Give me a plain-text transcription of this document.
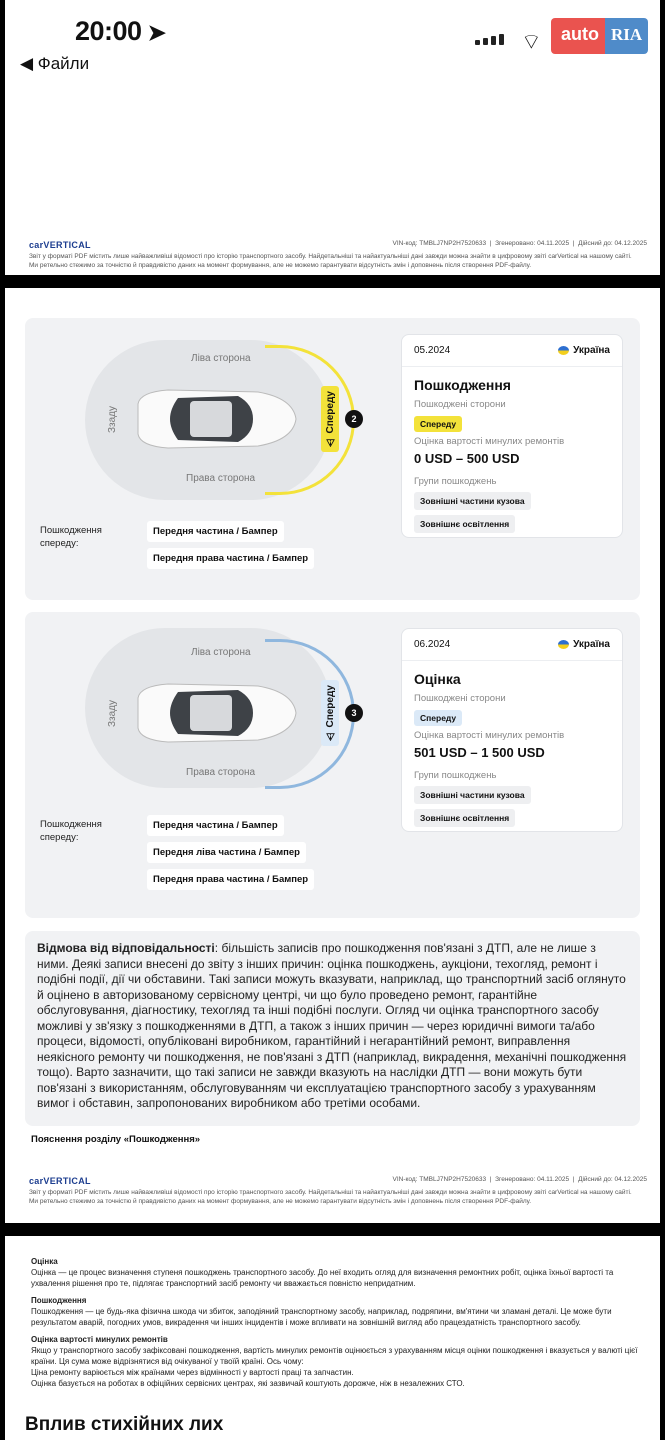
20:00 ➤
◀ Файли
⌔	auto RIA
carVERTICAL	VIN-код: TMBLJ7NP2H7520633  |  Згенеровано: 04.11.2025  |  Дійсний до: 04.12.2025
Звіт у форматі PDF містить лише найважливіші відомості про історію транспортного засобу. Найдетальніші та найактуальніші дані завжди можна знайти в цифровому звіті carVertical на нашому сайті.
Ми ретельно стежимо за точністю й правдивістю даних на момент формування, але не можемо гарантувати відсутність змін і доповнень після створення PDF-файлу.
Ліва сторона
Права сторона
Ззаду
⚠ Спереду	2
Пошкодження
спереду:
Передня частина / Бампер
Передня права частина / Бампер
05.2024	Україна
Пошкодження
Пошкоджені сторони
Спереду
Оцінка вартості минулих ремонтів
0 USD – 500 USD
Групи пошкоджень
Зовнішні частини кузова
Зовнішнє освітлення
Ліва сторона
Права сторона
Ззаду
⚠ Спереду	3
Пошкодження
спереду:
Передня частина / Бампер
Передня ліва частина / Бампер
Передня права частина / Бампер
06.2024	Україна
Оцінка
Пошкоджені сторони
Спереду
Оцінка вартості минулих ремонтів
501 USD – 1 500 USD
Групи пошкоджень
Зовнішні частини кузова
Зовнішнє освітлення
Відмова від відповідальності: більшість записів про пошкодження пов'язані з ДТП, але не лише з ними. Деякі записи внесені до звіту з інших причин: оцінка пошкоджень, аукціони, техогляд, ремонт і подібні події, дії чи обставини. Такі записи можуть вказувати, наприклад, що транспортний засіб оглянуто й оцінено в авторизованому сервісному центрі, чи що було проведено ремонт, гарантійне обслуговування, діагностику, техогляд та інші подібні послуги. Огляд чи оцінка транспортного засобу можливі у зв'язку з пошкодженнями в ДТП, а також з інших причин — через юридичні вимоги та/або процеси, відомості, опубліковані виробником, гарантійний і негарантійний ремонт, виправлення неякісного ремонту чи пошкодження, не пов'язані з ДТП (наприклад, викрадення, механічні пошкодження тощо). Варто зазначити, що такі записи не завжди вказують на наслідки ДТП — вони можуть бути пов'язані з використанням, обслуговуванням чи експлуатацією транспортного засобу з урахуванням вимог і обставин, запропонованих виробником або третіми особами.
Пояснення розділу «Пошкодження»
carVERTICAL	VIN-код: TMBLJ7NP2H7520633  |  Згенеровано: 04.11.2025  |  Дійсний до: 04.12.2025
Звіт у форматі PDF містить лише найважливіші відомості про історію транспортного засобу. Найдетальніші та найактуальніші дані завжди можна знайти в цифровому звіті carVertical на нашому сайті.
Ми ретельно стежимо за точністю й правдивістю даних на момент формування, але не можемо гарантувати відсутність змін і доповнень після створення PDF-файлу.
Оцінка
Оцінка — це процес визначення ступеня пошкоджень транспортного засобу. До неї входить огляд для визначення ремонтних робіт, оцінка їхньої вартості та ухвалення рішення про те, підлягає транспортний засіб ремонту чи вважається повністю непридатним.
Пошкодження
Пошкодження — це будь-яка фізична шкода чи збиток, заподіяний транспортному засобу, наприклад, подряпини, вм'ятини чи зламані деталі. Це може бути результатом аварій, погодних умов, викрадення чи інших інцидентів і може впливати на зовнішній вигляд або працездатність транспортного засобу.
Оцінка вартості минулих ремонтів
Якщо у транспортного засобу зафіксовані пошкодження, вартість минулих ремонтів оцінюється з урахуванням місця оцінки пошкодження і вказується у валюті цієї країни. Ця сума може відрізнятися від очікуваної у твоїй країні. Ось чому:
Ціна ремонту варіюється між країнами через відмінності у вартості праці та запчастин.
Оцінка базується на роботах в офіційних сервісних центрах, які зазвичай коштують дорожче, ніж в незалежних СТО.
Вплив стихійних лих
